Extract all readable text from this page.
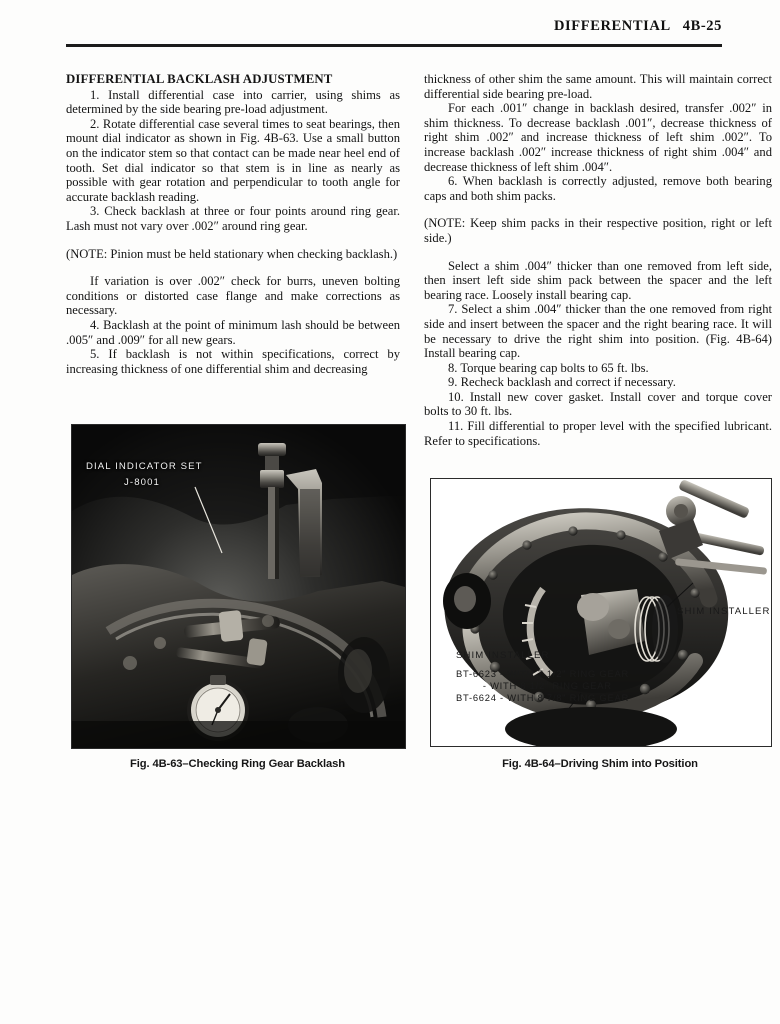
DIFFERENTIAL 4B-25
DIFFERENTIAL BACKLASH ADJUSTMENT

1. Install differential case into carrier, using shims as determined by the side bearing pre-load adjustment.

2. Rotate differential case several times to seat bearings, then mount dial indicator as shown in Fig. 4B-63. Use a small button on the indicator stem so that contact can be made near heel end of tooth. Set dial indicator so that stem is in line as nearly as possible with gear rotation and perpendicular to tooth angle for accurate backlash reading.

3. Check backlash at three or four points around ring gear. Lash must not vary over .002″ around ring gear.

(NOTE: Pinion must be held stationary when checking backlash.)

If variation is over .002″ check for burrs, uneven bolting conditions or distorted case flange and make corrections as necessary.

4. Backlash at the point of minimum lash should be between .005″ and .009″ for all new gears.

5. If backlash is not within specifications, correct by increasing thickness of one differential shim and decreasing

thickness of other shim the same amount. This will maintain correct differential side bearing pre-load.

For each .001″ change in backlash desired, transfer .002″ in shim thickness. To decrease backlash .001″, decrease thickness of right shim .002″ and increase thickness of left shim .002″. To increase backlash .002″ increase thickness of right shim .004″ and decrease thickness of left shim .004″.

6. When backlash is correctly adjusted, remove both bearing caps and both shim packs.

(NOTE: Keep shim packs in their respective position, right or left side.)

Select a shim .004″ thicker than one removed from left side, then insert left side shim pack between the spacer and the left bearing race. Loosely install bearing cap.

7. Select a shim .004″ thicker than the one removed from right side and insert between the spacer and the right bearing race. It will be necessary to drive the right shim into position. (Fig. 4B-64) Install bearing cap.

8. Torque bearing cap bolts to 65 ft. lbs.

9. Recheck backlash and correct if necessary.

10. Install new cover gasket. Install cover and torque cover bolts to 30 ft. lbs.

11. Fill differential to proper level with the specified lubricant. Refer to specifications.

DIAL INDICATOR SET
J-8001
Fig. 4B-63–Checking Ring Gear Backlash
SHIM INSTALLER
SHIM INSTALLER
BT-6623 - WITH 7 1/2" RING GEAR
- WITH 8 1/2" RING GEAR
BT-6624 - WITH 8 7/8" RING GEAR
Fig. 4B-64–Driving Shim into Position
